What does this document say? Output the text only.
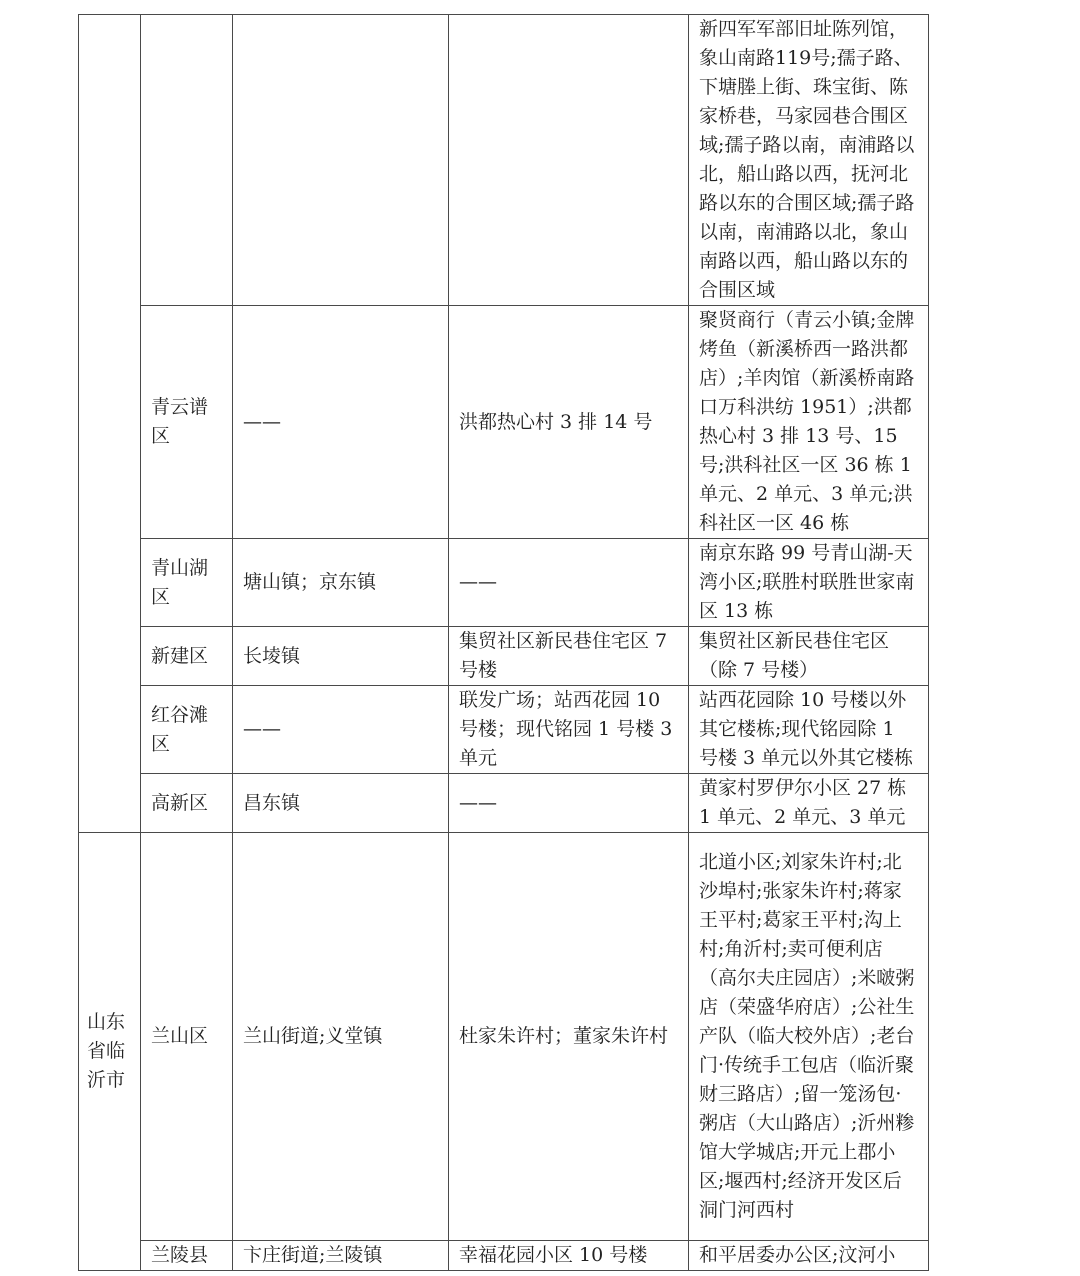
				新四军军部旧址陈列馆，象山南路119号;孺子路、下塘塍上街、珠宝街、陈家桥巷，马家园巷合围区域;孺子路以南，南浦路以北，船山路以西，抚河北路以东的合围区域;孺子路以南，南浦路以北，象山南路以西，船山路以东的合围区域
	青云谱区	——	洪都热心村 3 排 14 号	聚贤商行（青云小镇;金牌烤鱼（新溪桥西一路洪都店）;羊肉馆（新溪桥南路口万科洪纺 1951）;洪都热心村 3 排 13 号、15 号;洪科社区一区 36 栋 1 单元、2 单元、3 单元;洪科社区一区 46 栋
	青山湖区	塘山镇；京东镇	——	南京东路 99 号青山湖-天湾小区;联胜村联胜世家南区 13 栋
	新建区	长堎镇	集贸社区新民巷住宅区 7 号楼	集贸社区新民巷住宅区（除 7 号楼）
	红谷滩区	——	联发广场；站西花园 10 号楼；现代铭园 1 号楼 3 单元	站西花园除 10 号楼以外其它楼栋;现代铭园除 1 号楼 3 单元以外其它楼栋
	高新区	昌东镇	——	黄家村罗伊尔小区 27 栋 1 单元、2 单元、3 单元
山东省临沂市	兰山区	兰山街道;义堂镇	杜家朱许村；董家朱许村	北道小区;刘家朱许村;北沙埠村;张家朱许村;蒋家王平村;葛家王平村;沟上村;角沂村;卖可便利店（高尔夫庄园店）;米啵粥店（荣盛华府店）;公社生产队（临大校外店）;老台门·传统手工包店（临沂聚财三路店）;留一笼汤包·粥店（大山路店）;沂州糁馆大学城店;开元上郡小区;堰西村;经济开发区后洞门河西村
	兰陵县	卞庄街道;兰陵镇	幸福花园小区 10 号楼	和平居委办公区;汶河小
